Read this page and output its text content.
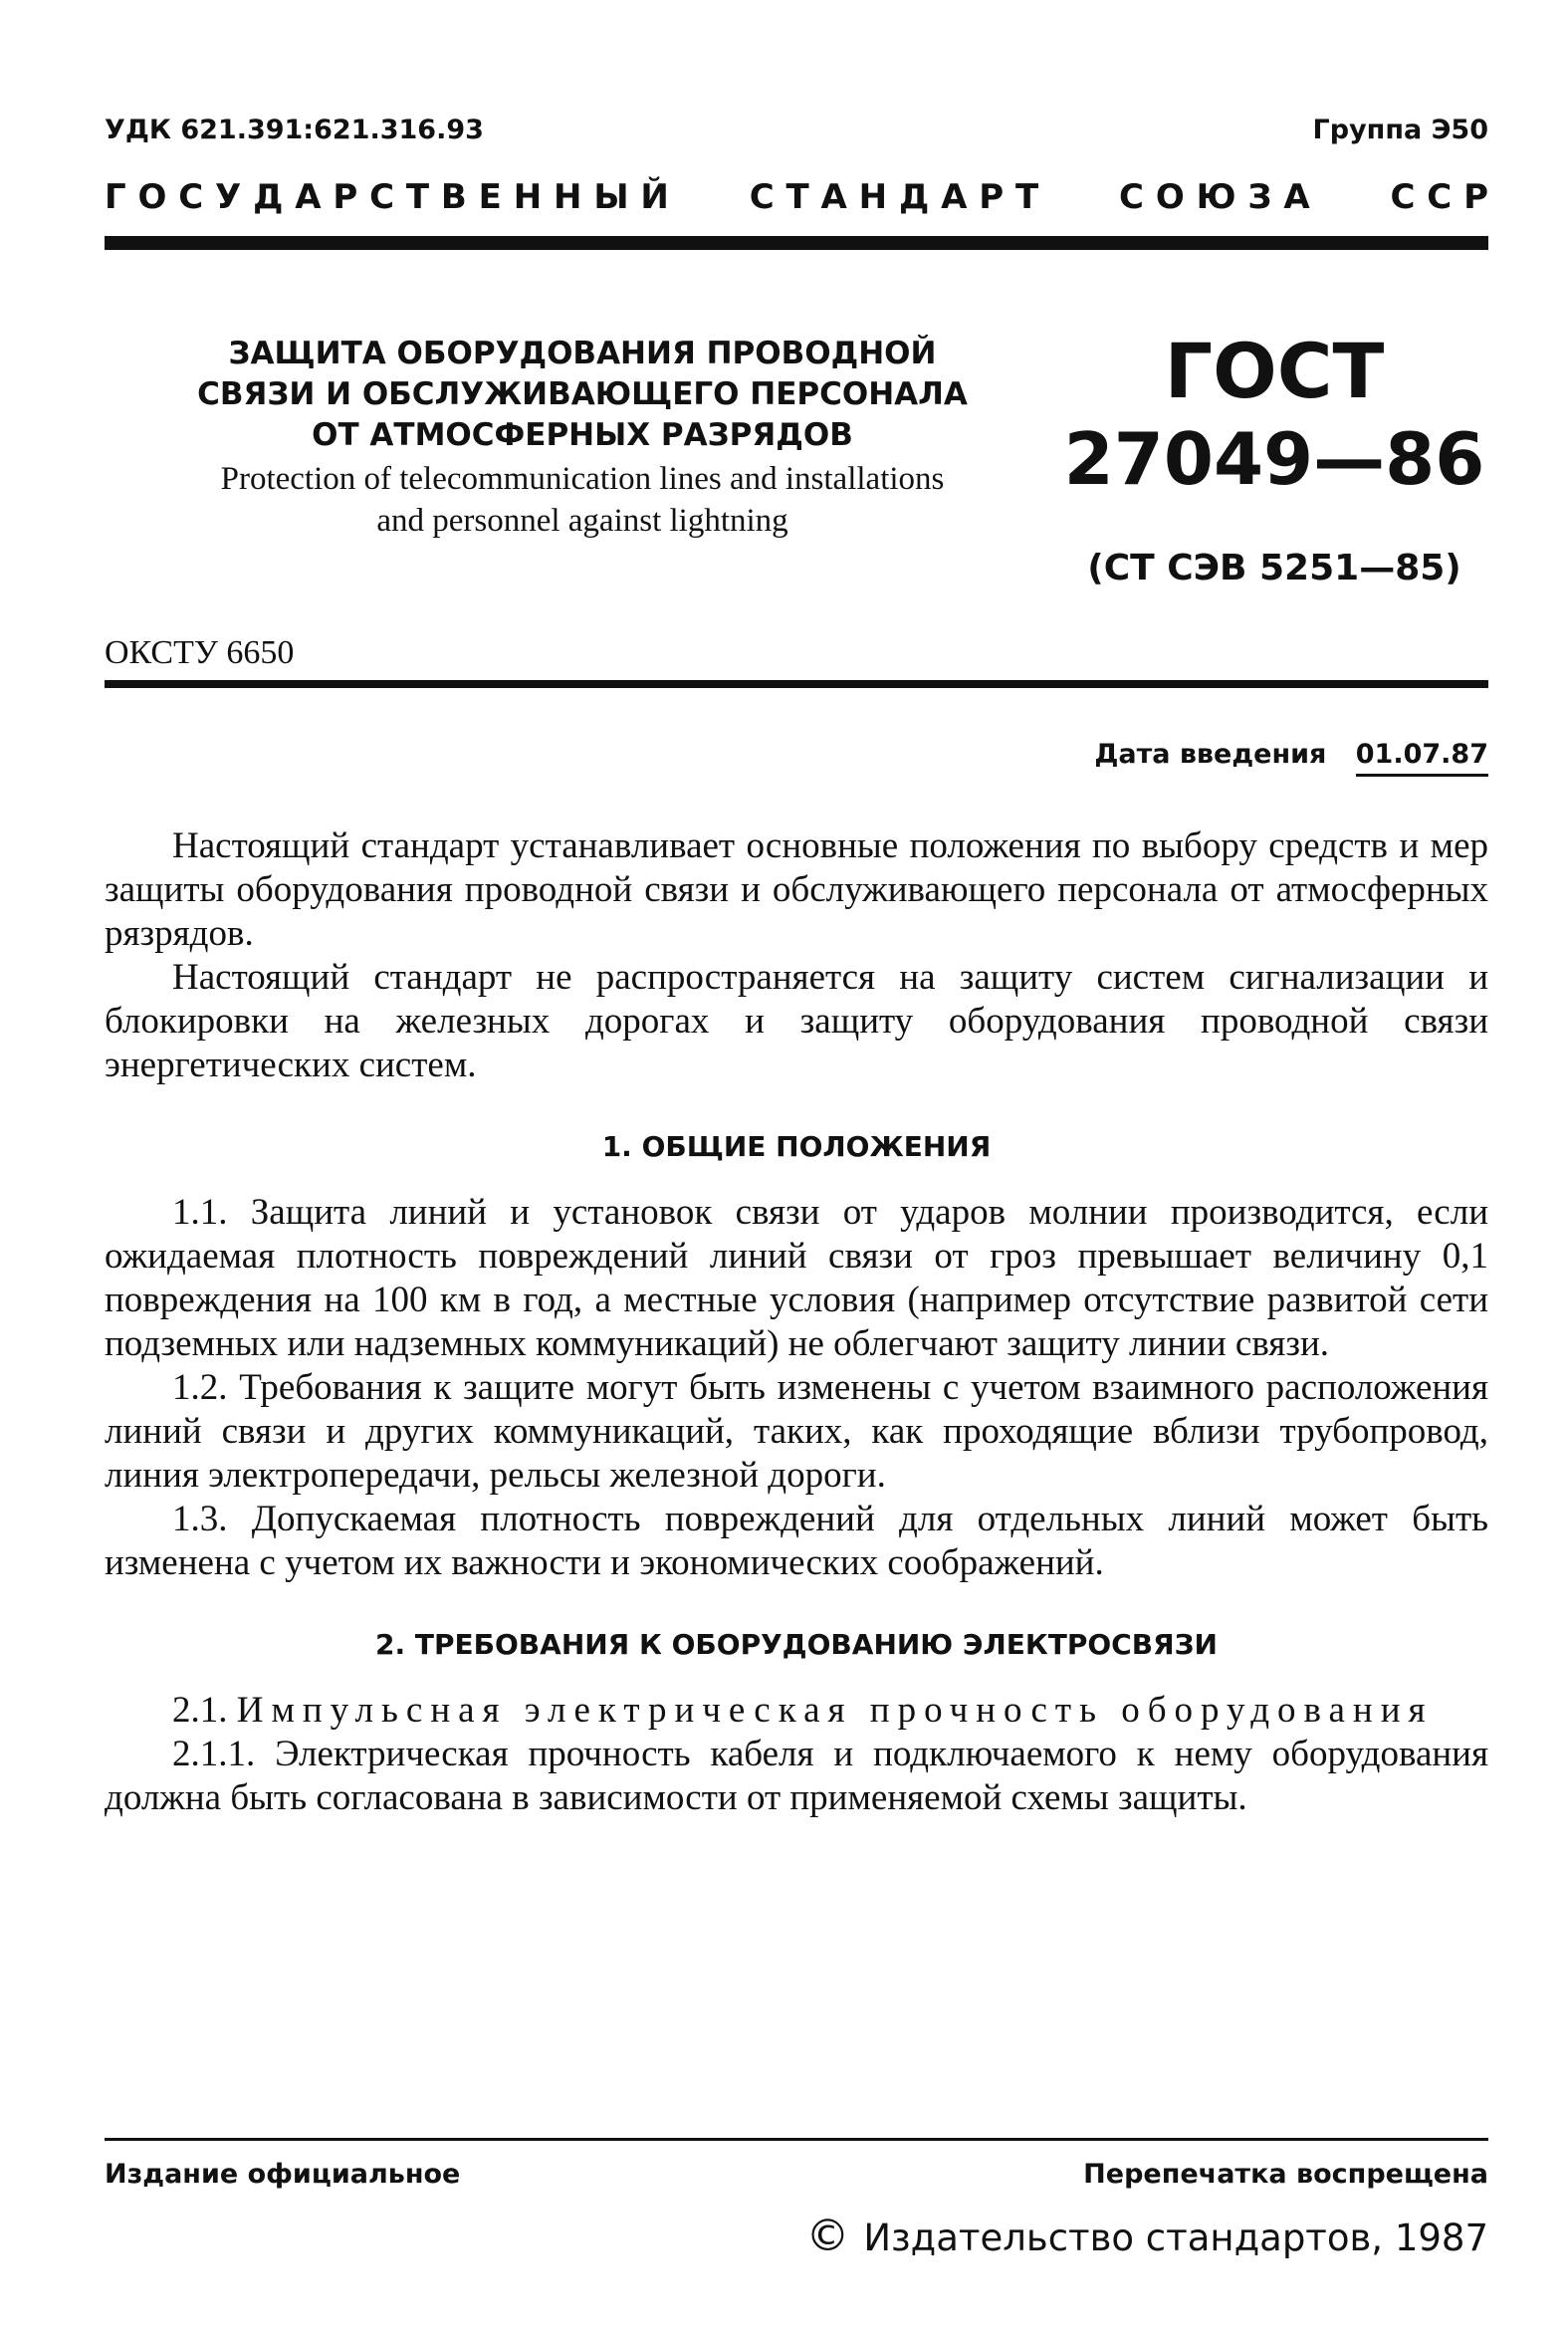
УДК 621.391:621.316.93	Группа Э50
Г О С У Д А Р С Т В Е Н Н Ы Й С Т А Н Д А Р Т С О Ю З А С С Р
ЗАЩИТА ОБОРУДОВАНИЯ ПРОВОДНОЙ
СВЯЗИ И ОБСЛУЖИВАЮЩЕГО ПЕРСОНАЛА
ОТ АТМОСФЕРНЫХ РАЗРЯДОВ
Protection of telecommunication lines and installations
and personnel against lightning
ГОСТ
27049—86
(СТ СЭВ 5251—85)
ОКСТУ 6650
Дата введения 01.07.87

Настоящий стандарт устанавливает основные положения по выбору средств и мер защиты оборудования проводной связи и обслуживающего персонала от атмосферных рязрядов.

Настоящий стандарт не распространяется на защиту систем сигнализации и блокировки на железных дорогах и защиту оборудования проводной связи энергетических систем.

1. ОБЩИЕ ПОЛОЖЕНИЯ

1.1. Защита линий и установок связи от ударов молнии производится, если ожидаемая плотность повреждений линий связи от гроз превышает величину 0,1 повреждения на 100 км в год, а местные условия (например отсутствие развитой сети подземных или надземных коммуникаций) не облегчают защиту линии связи.

1.2. Требования к защите могут быть изменены с учетом взаимного расположения линий связи и других коммуникаций, таких, как проходящие вблизи трубопровод, линия электропередачи, рельсы железной дороги.

1.3. Допускаемая плотность повреждений для отдельных линий может быть изменена с учетом их важности и экономических соображений.

2. ТРЕБОВАНИЯ К ОБОРУДОВАНИЮ ЭЛЕКТРОСВЯЗИ

2.1. Импульсная электрическая прочность оборудования

2.1.1. Электрическая прочность кабеля и подключаемого к нему оборудования должна быть согласована в зависимости от применяемой схемы защиты.

Издание официальное	Перепечатка воспрещена
© Издательство стандартов, 1987
